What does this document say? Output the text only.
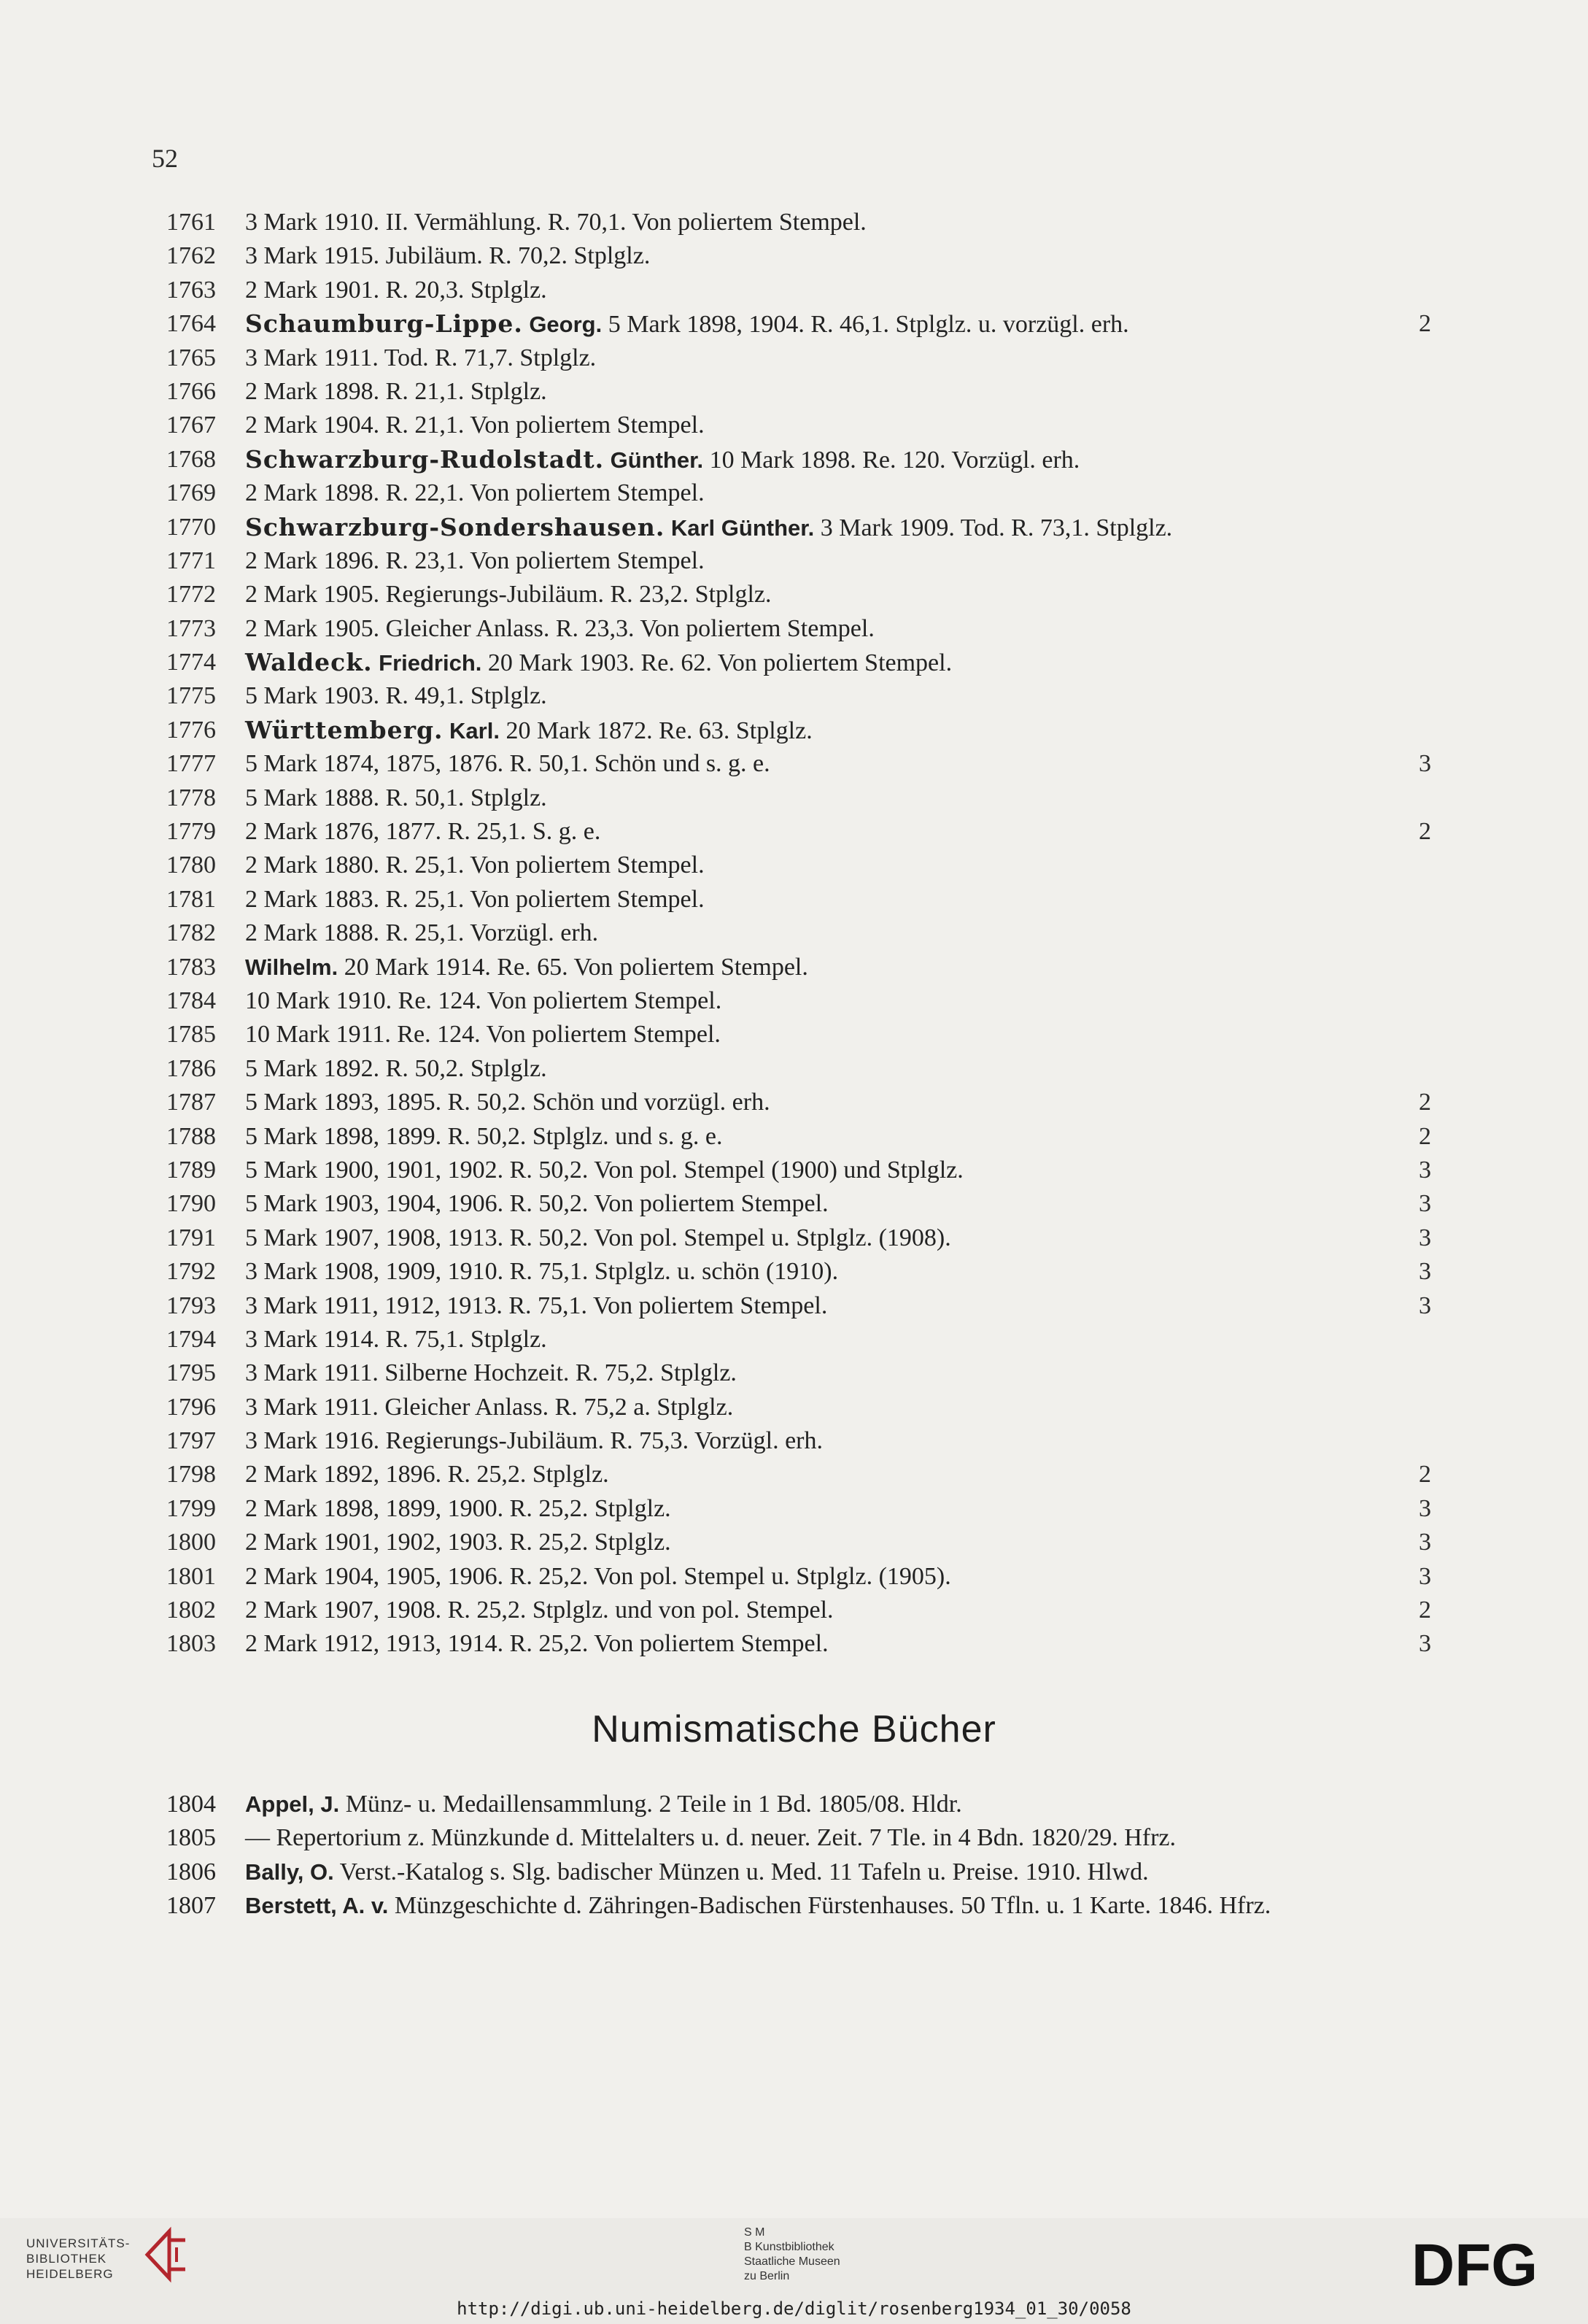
52
1761 3 Mark 1910. II. Vermählung. R. 70,1. Von poliertem Stempel.
1762 3 Mark 1915. Jubiläum. R. 70,2. Stplglz.
1763 2 Mark 1901. R. 20,3. Stplglz.
1764 Schaumburg-Lippe. Georg. 5 Mark 1898, 1904. R. 46,1. Stplglz. u. vorzügl. erh.	2
1765 3 Mark 1911. Tod. R. 71,7. Stplglz.
1766 2 Mark 1898. R. 21,1. Stplglz.
1767 2 Mark 1904. R. 21,1. Von poliertem Stempel.
1768 Schwarzburg-Rudolstadt. Günther. 10 Mark 1898. Re. 120. Vorzügl. erh.
1769 2 Mark 1898. R. 22,1. Von poliertem Stempel.
1770 Schwarzburg-Sondershausen. Karl Günther. 3 Mark 1909. Tod. R. 73,1. Stplglz.
1771 2 Mark 1896. R. 23,1. Von poliertem Stempel.
1772 2 Mark 1905. Regierungs-Jubiläum. R. 23,2. Stplglz.
1773 2 Mark 1905. Gleicher Anlass. R. 23,3. Von poliertem Stempel.
1774 Waldeck. Friedrich. 20 Mark 1903. Re. 62. Von poliertem Stempel.
1775 5 Mark 1903. R. 49,1. Stplglz.
1776 Württemberg. Karl. 20 Mark 1872. Re. 63. Stplglz.
1777 5 Mark 1874, 1875, 1876. R. 50,1. Schön und s. g. e.	3
1778 5 Mark 1888. R. 50,1. Stplglz.
1779 2 Mark 1876, 1877. R. 25,1. S. g. e.	2
1780 2 Mark 1880. R. 25,1. Von poliertem Stempel.
1781 2 Mark 1883. R. 25,1. Von poliertem Stempel.
1782 2 Mark 1888. R. 25,1. Vorzügl. erh.
1783 Wilhelm. 20 Mark 1914. Re. 65. Von poliertem Stempel.
1784 10 Mark 1910. Re. 124. Von poliertem Stempel.
1785 10 Mark 1911. Re. 124. Von poliertem Stempel.
1786 5 Mark 1892. R. 50,2. Stplglz.
1787 5 Mark 1893, 1895. R. 50,2. Schön und vorzügl. erh.	2
1788 5 Mark 1898, 1899. R. 50,2. Stplglz. und s. g. e.	2
1789 5 Mark 1900, 1901, 1902. R. 50,2. Von pol. Stempel (1900) und Stplglz.	3
1790 5 Mark 1903, 1904, 1906. R. 50,2. Von poliertem Stempel.	3
1791 5 Mark 1907, 1908, 1913. R. 50,2. Von pol. Stempel u. Stplglz. (1908).	3
1792 3 Mark 1908, 1909, 1910. R. 75,1. Stplglz. u. schön (1910).	3
1793 3 Mark 1911, 1912, 1913. R. 75,1. Von poliertem Stempel.	3
1794 3 Mark 1914. R. 75,1. Stplglz.
1795 3 Mark 1911. Silberne Hochzeit. R. 75,2. Stplglz.
1796 3 Mark 1911. Gleicher Anlass. R. 75,2 a. Stplglz.
1797 3 Mark 1916. Regierungs-Jubiläum. R. 75,3. Vorzügl. erh.
1798 2 Mark 1892, 1896. R. 25,2. Stplglz.	2
1799 2 Mark 1898, 1899, 1900. R. 25,2. Stplglz.	3
1800 2 Mark 1901, 1902, 1903. R. 25,2. Stplglz.	3
1801 2 Mark 1904, 1905, 1906. R. 25,2. Von pol. Stempel u. Stplglz. (1905).	3
1802 2 Mark 1907, 1908. R. 25,2. Stplglz. und von pol. Stempel.	2
1803 2 Mark 1912, 1913, 1914. R. 25,2. Von poliertem Stempel.	3
Numismatische Bücher
1804 Appel, J. Münz- u. Medaillensammlung. 2 Teile in 1 Bd. 1805/08. Hldr.
1805 — Repertorium z. Münzkunde d. Mittelalters u. d. neuer. Zeit. 7 Tle. in 4 Bdn. 1820/29. Hfrz.
1806 Bally, O. Verst.-Katalog s. Slg. badischer Münzen u. Med. 11 Tafeln u. Preise. 1910. Hlwd.
1807 Berstett, A. v. Münzgeschichte d. Zähringen-Badischen Fürstenhauses. 50 Tfln. u. 1 Karte. 1846. Hfrz.
UNIVERSITÄTS-
BIBLIOTHEK
HEIDELBERG
S M
B Kunstbibliothek
Staatliche Museen
zu Berlin	DFG
http://digi.ub.uni-heidelberg.de/diglit/rosenberg1934_01_30/0058
